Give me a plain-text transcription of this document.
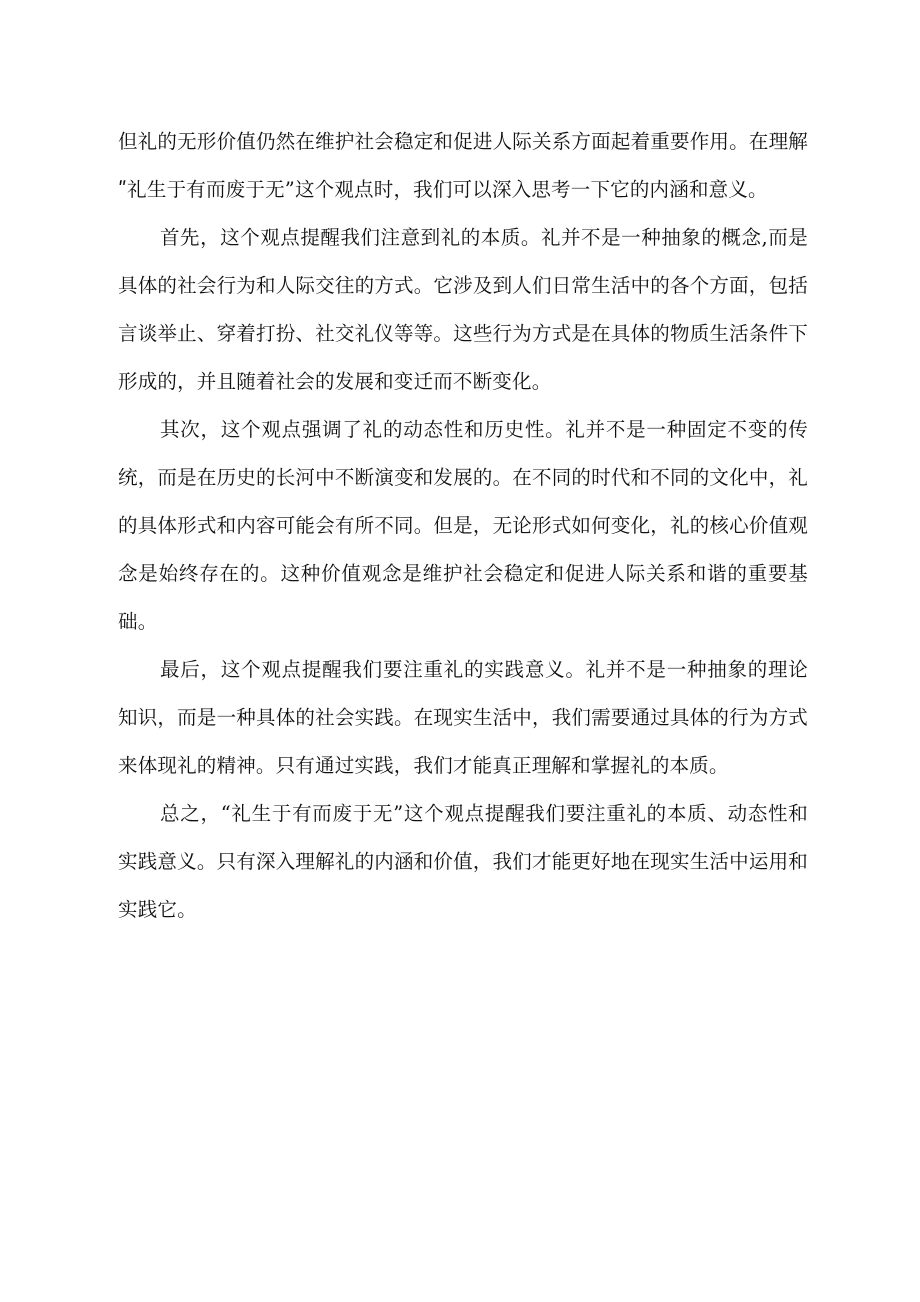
但礼的无形价值仍然在维护社会稳定和促进人际关系方面起着重要作用。在理解ʺ礼生于有而废于无”这个观点时，我们可以深入思考一下它的内涵和意义。

首先，这个观点提醒我们注意到礼的本质。礼并不是一种抽象的概念,而是具体的社会行为和人际交往的方式。它涉及到人们日常生活中的各个方面，包括言谈举止、穿着打扮、社交礼仪等等。这些行为方式是在具体的物质生活条件下形成的，并且随着社会的发展和变迁而不断变化。

其次，这个观点强调了礼的动态性和历史性。礼并不是一种固定不变的传统，而是在历史的长河中不断演变和发展的。在不同的时代和不同的文化中，礼的具体形式和内容可能会有所不同。但是，无论形式如何变化，礼的核心价值观念是始终存在的。这种价值观念是维护社会稳定和促进人际关系和谐的重要基础。

最后，这个观点提醒我们要注重礼的实践意义。礼并不是一种抽象的理论知识，而是一种具体的社会实践。在现实生活中，我们需要通过具体的行为方式来体现礼的精神。只有通过实践，我们才能真正理解和掌握礼的本质。

总之，“礼生于有而废于无”这个观点提醒我们要注重礼的本质、动态性和实践意义。只有深入理解礼的内涵和价值，我们才能更好地在现实生活中运用和实践它。
